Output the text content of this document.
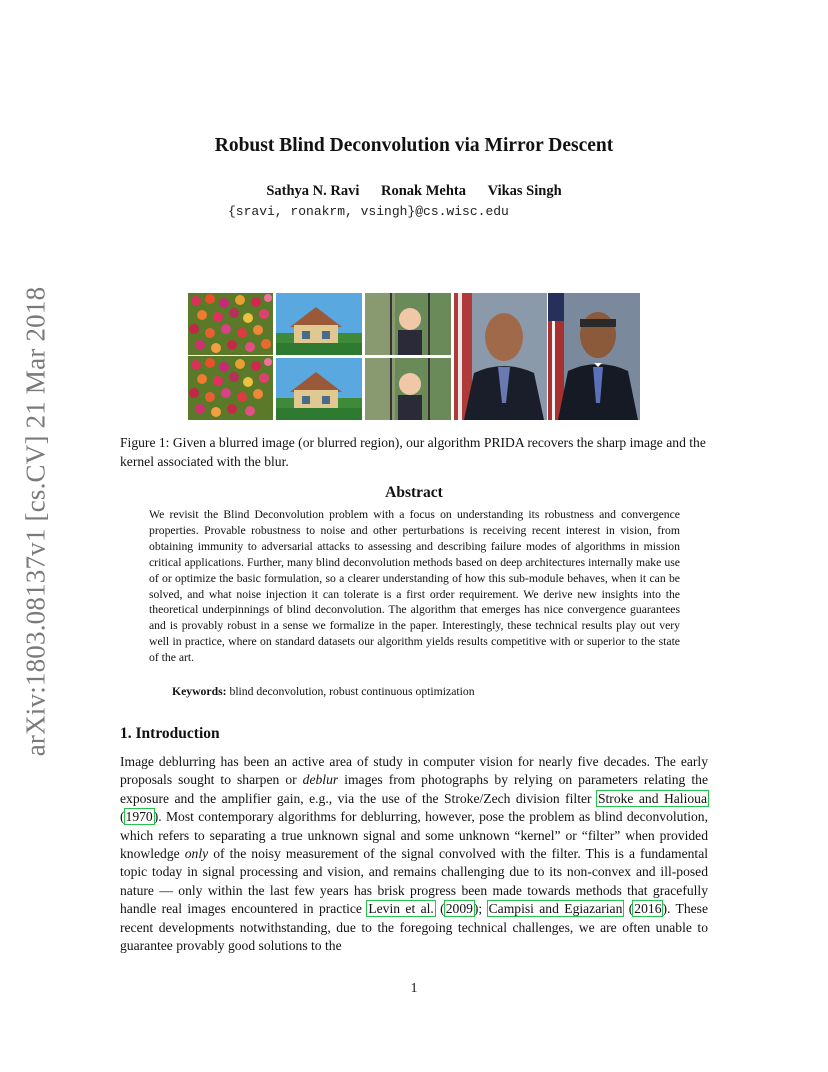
arXiv:1803.08137v1 [cs.CV] 21 Mar 2018
Robust Blind Deconvolution via Mirror Descent
Sathya N. Ravi Ronak Mehta Vikas Singh
{sravi, ronakrm, vsingh}@cs.wisc.edu
Figure 1: Given a blurred image (or blurred region), our algorithm PRIDA recovers the sharp image and the kernel associated with the blur.
Abstract
We revisit the Blind Deconvolution problem with a focus on understanding its robustness and convergence properties. Provable robustness to noise and other perturbations is receiving recent interest in vision, from obtaining immunity to adversarial attacks to assessing and describing failure modes of algorithms in mission critical applications. Further, many blind deconvolution methods based on deep architectures internally make use of or optimize the basic formulation, so a clearer understanding of how this sub-module behaves, when it can be solved, and what noise injection it can tolerate is a first order requirement. We derive new insights into the theoretical underpinnings of blind deconvolution. The algorithm that emerges has nice convergence guarantees and is provably robust in a sense we formalize in the paper. Interestingly, these technical results play out very well in practice, where on standard datasets our algorithm yields results competitive with or superior to the state of the art.
Keywords: blind deconvolution, robust continuous optimization
1. Introduction
Image deblurring has been an active area of study in computer vision for nearly five decades. The early proposals sought to sharpen or deblur images from photographs by relying on parameters relating the exposure and the amplifier gain, e.g., via the use of the Stroke/Zech division filter Stroke and Halioua (1970). Most contemporary algorithms for deblurring, however, pose the problem as blind deconvolution, which refers to separating a true unknown signal and some unknown “kernel” or “filter” when provided knowledge only of the noisy measurement of the signal convolved with the filter. This is a fundamental topic today in signal processing and vision, and remains challenging due to its non-convex and ill-posed nature — only within the last few years has brisk progress been made towards methods that gracefully handle real images encountered in practice Levin et al. (2009); Campisi and Egiazarian (2016). These recent developments notwithstanding, due to the foregoing technical challenges, we are often unable to guarantee provably good solutions to the
1
